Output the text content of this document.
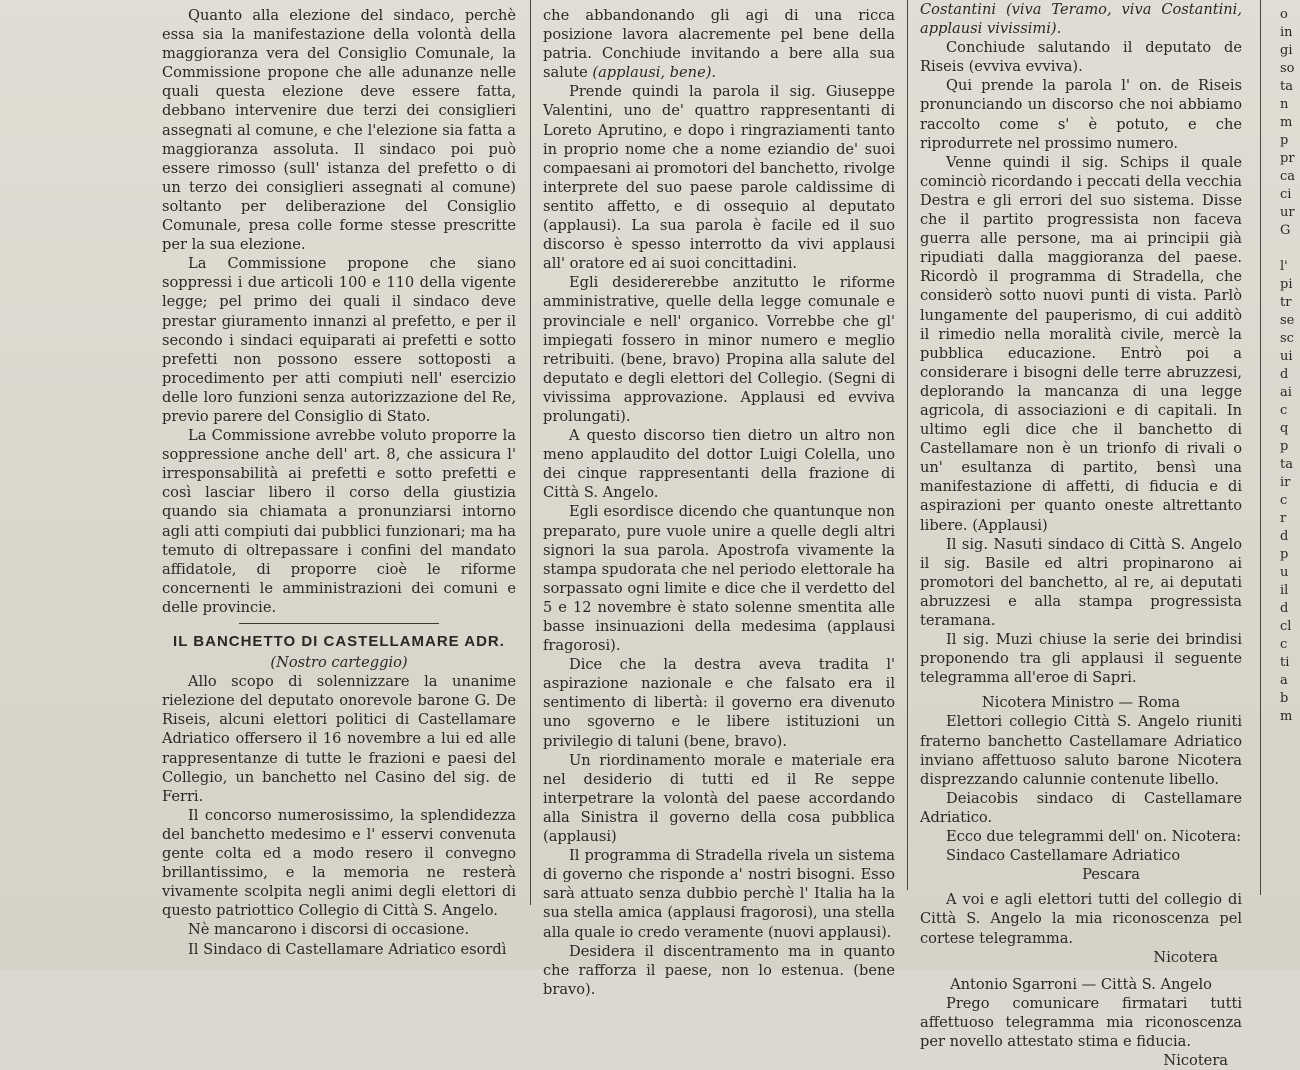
Quanto alla elezione del sindaco, perchè essa sia la manifestazione della volontà della maggioranza vera del Consiglio Comunale, la Commissione propone che alle adunanze nelle quali questa elezione deve essere fatta, debbano intervenire due terzi dei consiglieri assegnati al comune, e che l'elezione sia fatta a maggioranza assoluta. Il sindaco poi può essere rimosso (sull' istanza del prefetto o di un terzo dei consiglieri assegnati al comune) soltanto per deliberazione del Consiglio Comunale, presa colle forme stesse prescritte per la sua elezione.

La Commissione propone che siano soppressi i due articoli 100 e 110 della vigente legge; pel primo dei quali il sindaco deve prestar giuramento innanzi al prefetto, e per il secondo i sindaci equiparati ai prefetti e sotto prefetti non possono essere sottoposti a procedimento per atti compiuti nell' esercizio delle loro funzioni senza autorizzazione del Re, previo parere del Consiglio di Stato.

La Commissione avrebbe voluto proporre la soppressione anche dell' art. 8, che assicura l' irresponsabilità ai prefetti e sotto prefetti e così lasciar libero il corso della giustizia quando sia chiamata a pronunziarsi intorno agli atti compiuti dai pubblici funzionari; ma ha temuto di oltrepassare i confini del mandato affidatole, di proporre cioè le riforme concernenti le amministrazioni dei comuni e delle provincie.

IL BANCHETTO DI CASTELLAMARE ADR.

(Nostro carteggio)

Allo scopo di solennizzare la unanime rielezione del deputato onorevole barone G. De Riseis, alcuni elettori politici di Castellamare Adriatico offersero il 16 novembre a lui ed alle rappresentanze di tutte le frazioni e paesi del Collegio, un banchetto nel Casino del sig. de Ferri.

Il concorso numerosissimo, la splendidezza del banchetto medesimo e l' esservi convenuta gente colta ed a modo resero il convegno brillantissimo, e la memoria ne resterà vivamente scolpita negli animi degli elettori di questo patriottico Collegio di Città S. Angelo.

Nè mancarono i discorsi di occasione.

Il Sindaco di Castellamare Adriatico esordì

che abbandonando gli agi di una ricca posizione lavora alacremente pel bene della patria. Conchiude invitando a bere alla sua salute (applausi, bene).

Prende quindi la parola il sig. Giuseppe Valentini, uno de' quattro rappresentanti di Loreto Aprutino, e dopo i ringraziamenti tanto in proprio nome che a nome eziandio de' suoi compaesani ai promotori del banchetto, rivolge interprete del suo paese parole caldissime di sentito affetto, e di ossequio al deputato (applausi). La sua parola è facile ed il suo discorso è spesso interrotto da vivi applausi all' oratore ed ai suoi concittadini.

Egli desidererebbe anzitutto le riforme amministrative, quelle della legge comunale e provinciale e nell' organico. Vorrebbe che gl' impiegati fossero in minor numero e meglio retribuiti. (bene, bravo) Propina alla salute del deputato e degli elettori del Collegio. (Segni di vivissima approvazione. Applausi ed evviva prolungati).

A questo discorso tien dietro un altro non meno applaudito del dottor Luigi Colella, uno dei cinque rappresentanti della frazione di Città S. Angelo.

Egli esordisce dicendo che quantunque non preparato, pure vuole unire a quelle degli altri signori la sua parola. Apostrofa vivamente la stampa spudorata che nel periodo elettorale ha sorpassato ogni limite e dice che il verdetto del 5 e 12 novembre è stato solenne smentita alle basse insinuazioni della medesima (applausi fragorosi).

Dice che la destra aveva tradita l' aspirazione nazionale e che falsato era il sentimento di libertà: il governo era divenuto uno sgoverno e le libere istituzioni un privilegio di taluni (bene, bravo).

Un riordinamento morale e materiale era nel desiderio di tutti ed il Re seppe interpetrare la volontà del paese accordando alla Sinistra il governo della cosa pubblica (applausi)

Il programma di Stradella rivela un sistema di governo che risponde a' nostri bisogni. Esso sarà attuato senza dubbio perchè l' Italia ha la sua stella amica (applausi fragorosi), una stella alla quale io credo veramente (nuovi applausi).

Desidera il discentramento ma in quanto che rafforza il paese, non lo estenua. (bene bravo).

Costantini (viva Teramo, viva Costantini, applausi vivissimi).

Conchiude salutando il deputato de Riseis (evviva evviva).

Qui prende la parola l' on. de Riseis pronunciando un discorso che noi abbiamo raccolto come s' è potuto, e che riprodurrete nel prossimo numero.

Venne quindi il sig. Schips il quale cominciò ricordando i peccati della vecchia Destra e gli errori del suo sistema. Disse che il partito progressista non faceva guerra alle persone, ma ai principii già ripudiati dalla maggioranza del paese. Ricordò il programma di Stradella, che considerò sotto nuovi punti di vista. Parlò lungamente del pauperismo, di cui additò il rimedio nella moralità civile, mercè la pubblica educazione. Entrò poi a considerare i bisogni delle terre abruzzesi, deplorando la mancanza di una legge agricola, di associazioni e di capitali. In ultimo egli dice che il banchetto di Castellamare non è un trionfo di rivali o un' esultanza di partito, bensì una manifestazione di affetti, di fiducia e di aspirazioni per quanto oneste altrettanto libere. (Applausi)

Il sig. Nasuti sindaco di Città S. Angelo il sig. Basile ed altri propinarono ai promotori del banchetto, al re, ai deputati abruzzesi e alla stampa progressista teramana.

Il sig. Muzi chiuse la serie dei brindisi proponendo tra gli applausi il seguente telegramma all'eroe di Sapri.

Nicotera Ministro — Roma

Elettori collegio Città S. Angelo riuniti fraterno banchetto Castellamare Adriatico inviano affettuoso saluto barone Nicotera disprezzando calunnie contenute libello.

Deiacobis sindaco di Castellamare Adriatico.

Ecco due telegrammi dell' on. Nicotera:

Sindaco Castellamare Adriatico

Pescara

A voi e agli elettori tutti del collegio di Città S. Angelo la mia riconoscenza pel cortese telegramma.

Nicotera

Antonio Sgarroni — Città S. Angelo

Prego comunicare firmatari tutti affettuoso telegramma mia riconoscenza per novello attestato stima e fiducia.

Nicotera

o
in
gi
so
ta
n
m
p
pr
ca
ci
ur
G

l'
pi
tr
se
sc
ui
d
ai
c
q
p
ta
ir
c
r
d
p
u
il
d
cl
c
ti
a
b
m
